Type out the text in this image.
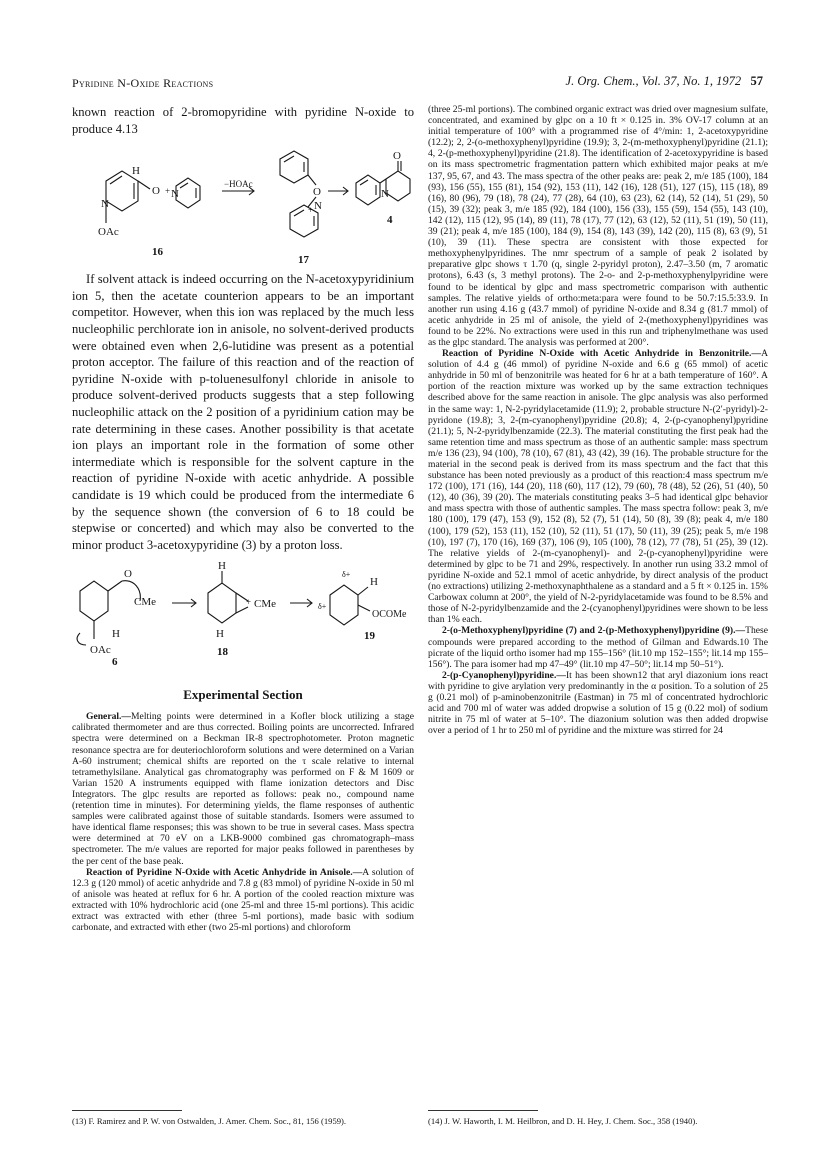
Pyridine N-Oxide Reactions	J. Org. Chem., Vol. 37, No. 1, 1972 57

known reaction of 2-bromopyridine with pyridine N-oxide to produce 4.13

H
N
O + N
OAc
16
−HOAc
O
+ N
17
O
N
4

If solvent attack is indeed occurring on the N-acetoxypyridinium ion 5, then the acetate counterion appears to be an important competitor. However, when this ion was replaced by the much less nucleophilic perchlorate ion in anisole, no solvent-derived products were obtained even when 2,6-lutidine was present as a potential proton acceptor. The failure of this reaction and of the reaction of pyridine N-oxide with p-toluenesulfonyl chloride in anisole to produce solvent-derived products suggests that a step following nucleophilic attack on the 2 position of a pyridinium cation may be rate determining in these cases. Another possibility is that acetate ion plays an important role in the formation of some other intermediate which is responsible for the solvent capture in the reaction of pyridine N-oxide with acetic anhydride. A possible candidate is 19 which could be produced from the intermediate 6 by the sequence shown (the conversion of 6 to 18 could be stepwise or concerted) and which may also be converted to the minor product 3-acetoxypyridine (3) by a proton loss.

O
CMe
OAc
H
6
H
+ CMe
H
18
δ+
H
δ+
OCOMe
19
Experimental Section

General.—Melting points were determined in a Kofler block utilizing a stage calibrated thermometer and are thus corrected. Boiling points are uncorrected. Infrared spectra were determined on a Beckman IR-8 spectrophotometer. Proton magnetic resonance spectra are for deuteriochloroform solutions and were determined on a Varian A-60 instrument; chemical shifts are reported on the τ scale relative to internal tetramethylsilane. Analytical gas chromatography was performed on F & M 1609 or Varian 1520 A instruments equipped with flame ionization detectors and Disc Integrators. The glpc results are reported as follows: peak no., compound name (retention time in minutes). For determining yields, the flame responses of authentic samples were calibrated against those of suitable standards. Isomers were assumed to have identical flame responses; this was shown to be true in several cases. Mass spectra were determined at 70 eV on a LKB-9000 combined gas chromatograph–mass spectrometer. The m/e values are reported for major peaks followed in parentheses by the per cent of the base peak.

Reaction of Pyridine N-Oxide with Acetic Anhydride in Anisole.—A solution of 12.3 g (120 mmol) of acetic anhydride and 7.8 g (83 mmol) of pyridine N-oxide in 50 ml of anisole was heated at reflux for 6 hr. A portion of the cooled reaction mixture was extracted with 10% hydrochloric acid (one 25-ml and three 15-ml portions). This acidic extract was extracted with ether (three 5-ml portions), made basic with sodium carbonate, and extracted with ether (two 25-ml portions) and chloroform

(three 25-ml portions). The combined organic extract was dried over magnesium sulfate, concentrated, and examined by glpc on a 10 ft × 0.125 in. 3% OV-17 column at an initial temperature of 100° with a programmed rise of 4°/min: 1, 2-acetoxypyridine (12.2); 2, 2-(o-methoxyphenyl)pyridine (19.9); 3, 2-(m-methoxyphenyl)pyridine (21.1); 4, 2-(p-methoxyphenyl)pyridine (21.8). The identification of 2-acetoxypyridine is based on its mass spectrometric fragmentation pattern which exhibited major peaks at m/e 137, 95, 67, and 43. The mass spectra of the other peaks are: peak 2, m/e 185 (100), 184 (93), 156 (55), 155 (81), 154 (92), 153 (11), 142 (16), 128 (51), 127 (15), 115 (18), 89 (16), 80 (96), 79 (18), 78 (24), 77 (28), 64 (10), 63 (23), 62 (14), 52 (14), 51 (29), 50 (15), 39 (32); peak 3, m/e 185 (92), 184 (100), 156 (33), 155 (59), 154 (55), 143 (10), 142 (12), 115 (12), 95 (14), 89 (11), 78 (17), 77 (12), 63 (12), 52 (11), 51 (19), 50 (11), 39 (21); peak 4, m/e 185 (100), 184 (9), 154 (8), 143 (39), 142 (20), 115 (8), 63 (9), 51 (10), 39 (11). These spectra are consistent with those expected for methoxyphenylpyridines. The nmr spectrum of a sample of peak 2 isolated by preparative glpc shows τ 1.70 (q, single 2-pyridyl proton), 2.47–3.50 (m, 7 aromatic protons), 6.43 (s, 3 methyl protons). The 2-o- and 2-p-methoxyphenylpyridine were found to be identical by glpc and mass spectrometric comparison with authentic samples. The relative yields of ortho:meta:para were found to be 50.7:15.5:33.9. In another run using 4.16 g (43.7 mmol) of pyridine N-oxide and 8.34 g (81.7 mmol) of acetic anhydride in 25 ml of anisole, the yield of 2-(methoxyphenyl)pyridines was found to be 22%. No extractions were used in this run and triphenylmethane was used as the glpc standard. The analysis was performed at 200°.

Reaction of Pyridine N-Oxide with Acetic Anhydride in Benzonitrile.—A solution of 4.4 g (46 mmol) of pyridine N-oxide and 6.6 g (65 mmol) of acetic anhydride in 50 ml of benzonitrile was heated for 6 hr at a bath temperature of 160°. A portion of the reaction mixture was worked up by the same extraction techniques described above for the same reaction in anisole. The glpc analysis was also performed in the same way: 1, N-2-pyridylacetamide (11.9); 2, probable structure N-(2′-pyridyl)-2-pyridone (19.8); 3, 2-(m-cyanophenyl)pyridine (20.8); 4, 2-(p-cyanophenyl)pyridine (21.1); 5, N-2-pyridylbenzamide (22.3). The material constituting the first peak had the same retention time and mass spectrum as those of an authentic sample: mass spectrum m/e 136 (23), 94 (100), 78 (10), 67 (81), 43 (42), 39 (16). The probable structure for the material in the second peak is derived from its mass spectrum and the fact that this substance has been noted previously as a product of this reaction:4 mass spectrum m/e 172 (100), 171 (16), 144 (20), 118 (60), 117 (12), 79 (60), 78 (48), 52 (26), 51 (40), 50 (12), 40 (36), 39 (20). The materials constituting peaks 3–5 had identical glpc behavior and mass spectra with those of authentic samples. The mass spectra follow: peak 3, m/e 180 (100), 179 (47), 153 (9), 152 (8), 52 (7), 51 (14), 50 (8), 39 (8); peak 4, m/e 180 (100), 179 (52), 153 (11), 152 (10), 52 (11), 51 (17), 50 (11), 39 (25); peak 5, m/e 198 (10), 197 (7), 170 (16), 169 (37), 106 (9), 105 (100), 78 (12), 77 (78), 51 (25), 39 (12). The relative yields of 2-(m-cyanophenyl)- and 2-(p-cyanophenyl)pyridine were determined by glpc to be 71 and 29%, respectively. In another run using 33.2 mmol of pyridine N-oxide and 52.1 mmol of acetic anhydride, by direct analysis of the product (no extractions) utilizing 2-methoxynaphthalene as a standard and a 5 ft × 0.125 in. 15% Carbowax column at 200°, the yield of N-2-pyridylacetamide was found to be 8.5% and those of N-2-pyridylbenzamide and the 2-(cyanophenyl)pyridines were shown to be less than 1% each.

2-(o-Methoxyphenyl)pyridine (7) and 2-(p-Methoxyphenyl)pyridine (9).—These compounds were prepared according to the method of Gilman and Edwards.10 The picrate of the liquid ortho isomer had mp 155–156° (lit.10 mp 152–155°; lit.14 mp 155–156°). The para isomer had mp 47–49° (lit.10 mp 47–50°; lit.14 mp 50–51°).

2-(p-Cyanophenyl)pyridine.—It has been shown12 that aryl diazonium ions react with pyridine to give arylation very predominantly in the α position. To a solution of 25 g (0.21 mol) of p-aminobenzonitrile (Eastman) in 75 ml of concentrated hydrochloric acid and 700 ml of water was added dropwise a solution of 15 g (0.22 mol) of sodium nitrite in 75 ml of water at 5–10°. The diazonium solution was then added dropwise over a period of 1 hr to 250 ml of pyridine and the mixture was stirred for 24

(13) F. Ramirez and P. W. von Ostwalden, J. Amer. Chem. Soc., 81, 156 (1959).	(14) J. W. Haworth, I. M. Heilbron, and D. H. Hey, J. Chem. Soc., 358 (1940).
